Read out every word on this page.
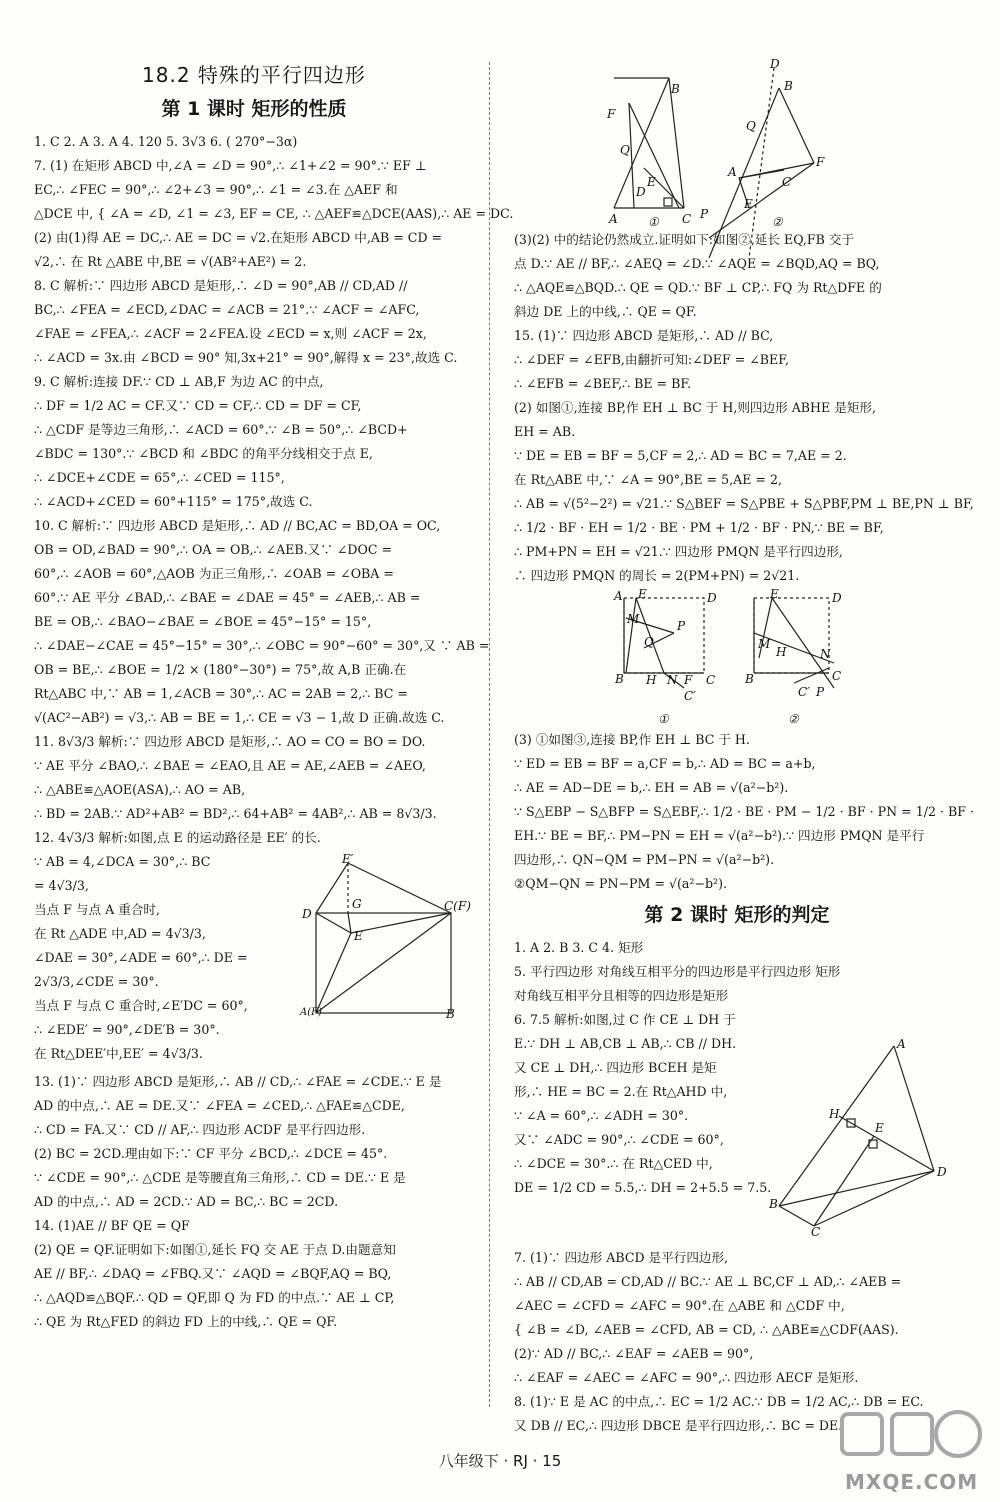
18.2 特殊的平行四边形
第 1 课时 矩形的性质
1. C 2. A 3. A 4. 120 5. 3√3 6. ( 270°−3α)
7. (1) 在矩形 ABCD 中,∠A = ∠D = 90°,∴ ∠1+∠2 = 90°.∵ EF ⊥
EC,∴ ∠FEC = 90°,∴ ∠2+∠3 = 90°,∴ ∠1 = ∠3.在 △AEF 和
△DCE 中, { ∠A = ∠D, ∠1 = ∠3, EF = CE, ∴ △AEF≌△DCE(AAS),∴ AE = DC.
(2) 由(1)得 AE = DC,∴ AE = DC = √2.在矩形 ABCD 中,AB = CD =
√2,∴ 在 Rt △ABE 中,BE = √(AB²+AE²) = 2.
8. C 解析:∵ 四边形 ABCD 是矩形,∴ ∠D = 90°,AB // CD,AD //
BC,∴ ∠FEA = ∠ECD,∠DAC = ∠ACB = 21°.∵ ∠ACF = ∠AFC,
∠FAE = ∠FEA,∴ ∠ACF = 2∠FEA.设 ∠ECD = x,则 ∠ACF = 2x,
∴ ∠ACD = 3x.由 ∠BCD = 90° 知,3x+21° = 90°,解得 x = 23°,故选 C.
9. C 解析:连接 DF.∵ CD ⊥ AB,F 为边 AC 的中点,
∴ DF = 1/2 AC = CF.又∵ CD = CF,∴ CD = DF = CF,
∴ △CDF 是等边三角形,∴ ∠ACD = 60°.∵ ∠B = 50°,∴ ∠BCD+
∠BDC = 130°.∵ ∠BCD 和 ∠BDC 的角平分线相交于点 E,
∴ ∠DCE+∠CDE = 65°,∴ ∠CED = 115°,
∴ ∠ACD+∠CED = 60°+115° = 175°,故选 C.
10. C 解析:∵ 四边形 ABCD 是矩形,∴ AD // BC,AC = BD,OA = OC,
OB = OD,∠BAD = 90°,∴ OA = OB,∴ ∠AEB.又∵ ∠DOC =
60°,∴ ∠AOB = 60°,△AOB 为正三角形,∴ ∠OAB = ∠OBA =
60°.∵ AE 平分 ∠BAD,∴ ∠BAE = ∠DAE = 45° = ∠AEB,∴ AB =
BE = OB,∴ ∠BAO−∠BAE = ∠BOE = 45°−15° = 15°,
∴ ∠DAE−∠CAE = 45°−15° = 30°,∴ ∠OBC = 90°−60° = 30°,又 ∵ AB =
OB = BE,∴ ∠BOE = 1/2 × (180°−30°) = 75°,故 A,B 正确.在
Rt△ABC 中,∵ AB = 1,∠ACB = 30°,∴ AC = 2AB = 2,∴ BC =
√(AC²−AB²) = √3,∴ AB = BE = 1,∴ CE = √3 − 1,故 D 正确.故选 C.
11. 8√3/3 解析:∵ 四边形 ABCD 是矩形,∴ AO = CO = BO = DO.
∵ AE 平分 ∠BAO,∴ ∠BAE = ∠EAO,且 AE = AE,∠AEB = ∠AEO,
∴ △ABE≌△AOE(ASA),∴ AO = AB,
∴ BD = 2AB.∵ AD²+AB² = BD²,∴ 64+AB² = 4AB²,∴ AB = 8√3/3.
12. 4√3/3 解析:如图,点 E 的运动路径是 EE′ 的长.
∵ AB = 4,∠DCA = 30°,∴ BC
= 4√3/3,
当点 F 与点 A 重合时,
在 Rt △ADE 中,AD = 4√3/3,
∠DAE = 30°,∠ADE = 60°,∴ DE =
2√3/3,∠CDE = 30°.
当点 F 与点 C 重合时,∠E′DC = 60°,
∴ ∠EDE′ = 90°,∠DE′B = 30°.
在 Rt△DEE′中,EE′ = 4√3/3.
E′
G	C(F)
D
E
A(F)	B
13. (1)∵ 四边形 ABCD 是矩形,∴ AB // CD,∴ ∠FAE = ∠CDE.∵ E 是
AD 的中点,∴ AE = DE.又∵ ∠FEA = ∠CED,∴ △FAE≌△CDE,
∴ CD = FA.又∵ CD // AF,∴ 四边形 ACDF 是平行四边形.
(2) BC = 2CD.理由如下:∵ CF 平分 ∠BCD,∴ ∠DCE = 45°.
∵ ∠CDE = 90°,∴ △CDE 是等腰直角三角形,∴ CD = DE.∵ E 是
AD 的中点,∴ AD = 2CD.∵ AD = BC,∴ BC = 2CD.
14. (1)AE // BF QE = QF
(2) QE = QF.证明如下:如图①,延长 FQ 交 AE 于点 D.由题意知
AE // BF,∴ ∠DAQ = ∠FBQ.又∵ ∠AQD = ∠BQF,AQ = BQ,
∴ △AQD≌△BQF.∴ QD = QF,即 Q 为 FD 的中点.∵ AE ⊥ CP,
∴ QE 为 Rt△FED 的斜边 FD 上的中线,∴ QE = QF.
B
F
Q
E
D
A	C
①
D
B
Q
F
A
C
P
E
②
(3)(2) 中的结论仍然成立.证明如下:如图②,延长 EQ,FB 交于
点 D.∵ AE // BF,∴ ∠AEQ = ∠D.∵ ∠AQE = ∠BQD,AQ = BQ,
∴ △AQE≌△BQD.∴ QE = QD.∵ BF ⊥ CP,∴ FQ 为 Rt△DFE 的
斜边 DE 上的中线,∴ QE = QF.
15. (1)∵ 四边形 ABCD 是矩形,∴ AD // BC,
∴ ∠DEF = ∠EFB,由翻折可知:∠DEF = ∠BEF,
∴ ∠EFB = ∠BEF,∴ BE = BF.
(2) 如图①,连接 BP,作 EH ⊥ BC 于 H,则四边形 ABHE 是矩形,
EH = AB.
∵ DE = EB = BF = 5,CF = 2,∴ AD = BC = 7,AE = 2.
在 Rt△ABE 中,∵ ∠A = 90°,BE = 5,AE = 2,
∴ AB = √(5²−2²) = √21.∵ S△BEF = S△PBE + S△PBF,PM ⊥ BE,PN ⊥ BF,
∴ 1/2 · BF · EH = 1/2 · BE · PM + 1/2 · BF · PN,∵ BE = BF,
∴ PM+PN = EH = √21.∵ 四边形 PMQN 是平行四边形,
∴ 四边形 PMQN 的周长 = 2(PM+PN) = 2√21.
A E	D
M	P
Q
B H N F C
C′
①
E	D
M
H	N
B
C′ P
C
②
(3) ①如图③,连接 BP,作 EH ⊥ BC 于 H.
∵ ED = EB = BF = a,CF = b,∴ AD = BC = a+b,
∴ AE = AD−DE = b,∴ EH = AB = √(a²−b²).
∵ S△EBP − S△BFP = S△EBF,∴ 1/2 · BE · PM − 1/2 · BF · PN = 1/2 · BF ·
EH.∵ BE = BF,∴ PM−PN = EH = √(a²−b²).∵ 四边形 PMQN 是平行
四边形,∴ QN−QM = PM−PN = √(a²−b²).
②QM−QN = PN−PM = √(a²−b²).
第 2 课时 矩形的判定
1. A 2. B 3. C 4. 矩形
5. 平行四边形 对角线互相平分的四边形是平行四边形 矩形
对角线互相平分且相等的四边形是矩形
6. 7.5 解析:如图,过 C 作 CE ⊥ DH 于
E.∵ DH ⊥ AB,CB ⊥ AB,∴ CB // DH.
又 CE ⊥ DH,∴ 四边形 BCEH 是矩
形,∴ HE = BC = 2.在 Rt△AHD 中,
∵ ∠A = 60°,∴ ∠ADH = 30°.
又∵ ∠ADC = 90°,∴ ∠CDE = 60°,
∴ ∠DCE = 30°.∴ 在 Rt△CED 中,
DE = 1/2 CD = 5.5,∴ DH = 2+5.5 = 7.5.
A
H
E
D
B
C
7. (1)∵ 四边形 ABCD 是平行四边形,
∴ AB // CD,AB = CD,AD // BC.∵ AE ⊥ BC,CF ⊥ AD,∴ ∠AEB =
∠AEC = ∠CFD = ∠AFC = 90°.在 △ABE 和 △CDF 中,
{ ∠B = ∠D, ∠AEB = ∠CFD, AB = CD, ∴ △ABE≌△CDF(AAS).
(2)∵ AD // BC,∴ ∠EAF = ∠AEB = 90°,
∴ ∠EAF = ∠AEC = ∠AFC = 90°,∴ 四边形 AECF 是矩形.
8. (1)∵ E 是 AC 的中点,∴ EC = 1/2 AC.∵ DB = 1/2 AC,∴ DB = EC.
又 DB // EC,∴ 四边形 DBCE 是平行四边形,∴ BC = DE.
八年级下 · RJ · 15
MXQE.COM
